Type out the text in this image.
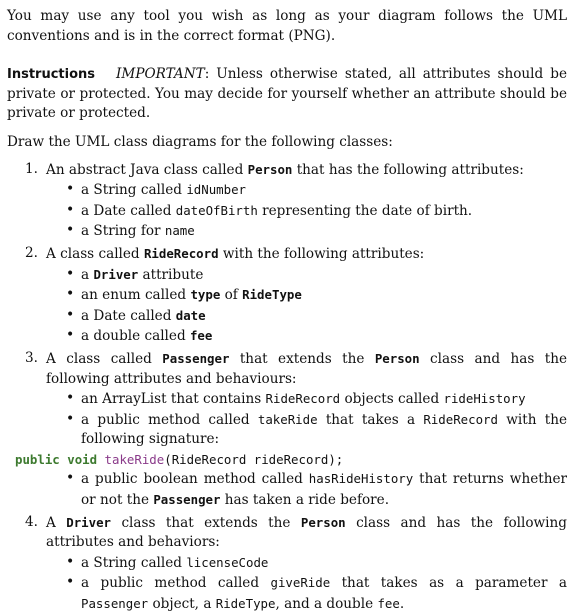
You may use any tool you wish as long as your diagram follows the UML conventions and is in the correct format (PNG).

Instructions IMPORTANT: Unless otherwise stated, all attributes should be private or protected. You may decide for yourself whether an attribute should be private or protected.

Draw the UML class diagrams for the following classes:

1. An abstract Java class called Person that has the following attributes:
• a String called idNumber
• a Date called dateOfBirth representing the date of birth.
• a String for name
2. A class called RideRecord with the following attributes:
• a Driver attribute
• an enum called type of RideType
• a Date called date
• a double called fee
3. A class called Passenger that extends the Person class and has the following attributes and behaviours:
• an ArrayList that contains RideRecord objects called rideHistory
• a public method called takeRide that takes a RideRecord with the following signature:
public void takeRide(RideRecord rideRecord);
• a public boolean method called hasRideHistory that returns whether or not the Passenger has taken a ride before.
4. A Driver class that extends the Person class and has the following attributes and behaviors:
• a String called licenseCode
• a public method called giveRide that takes as a parameter a Passenger object, a RideType, and a double fee.
